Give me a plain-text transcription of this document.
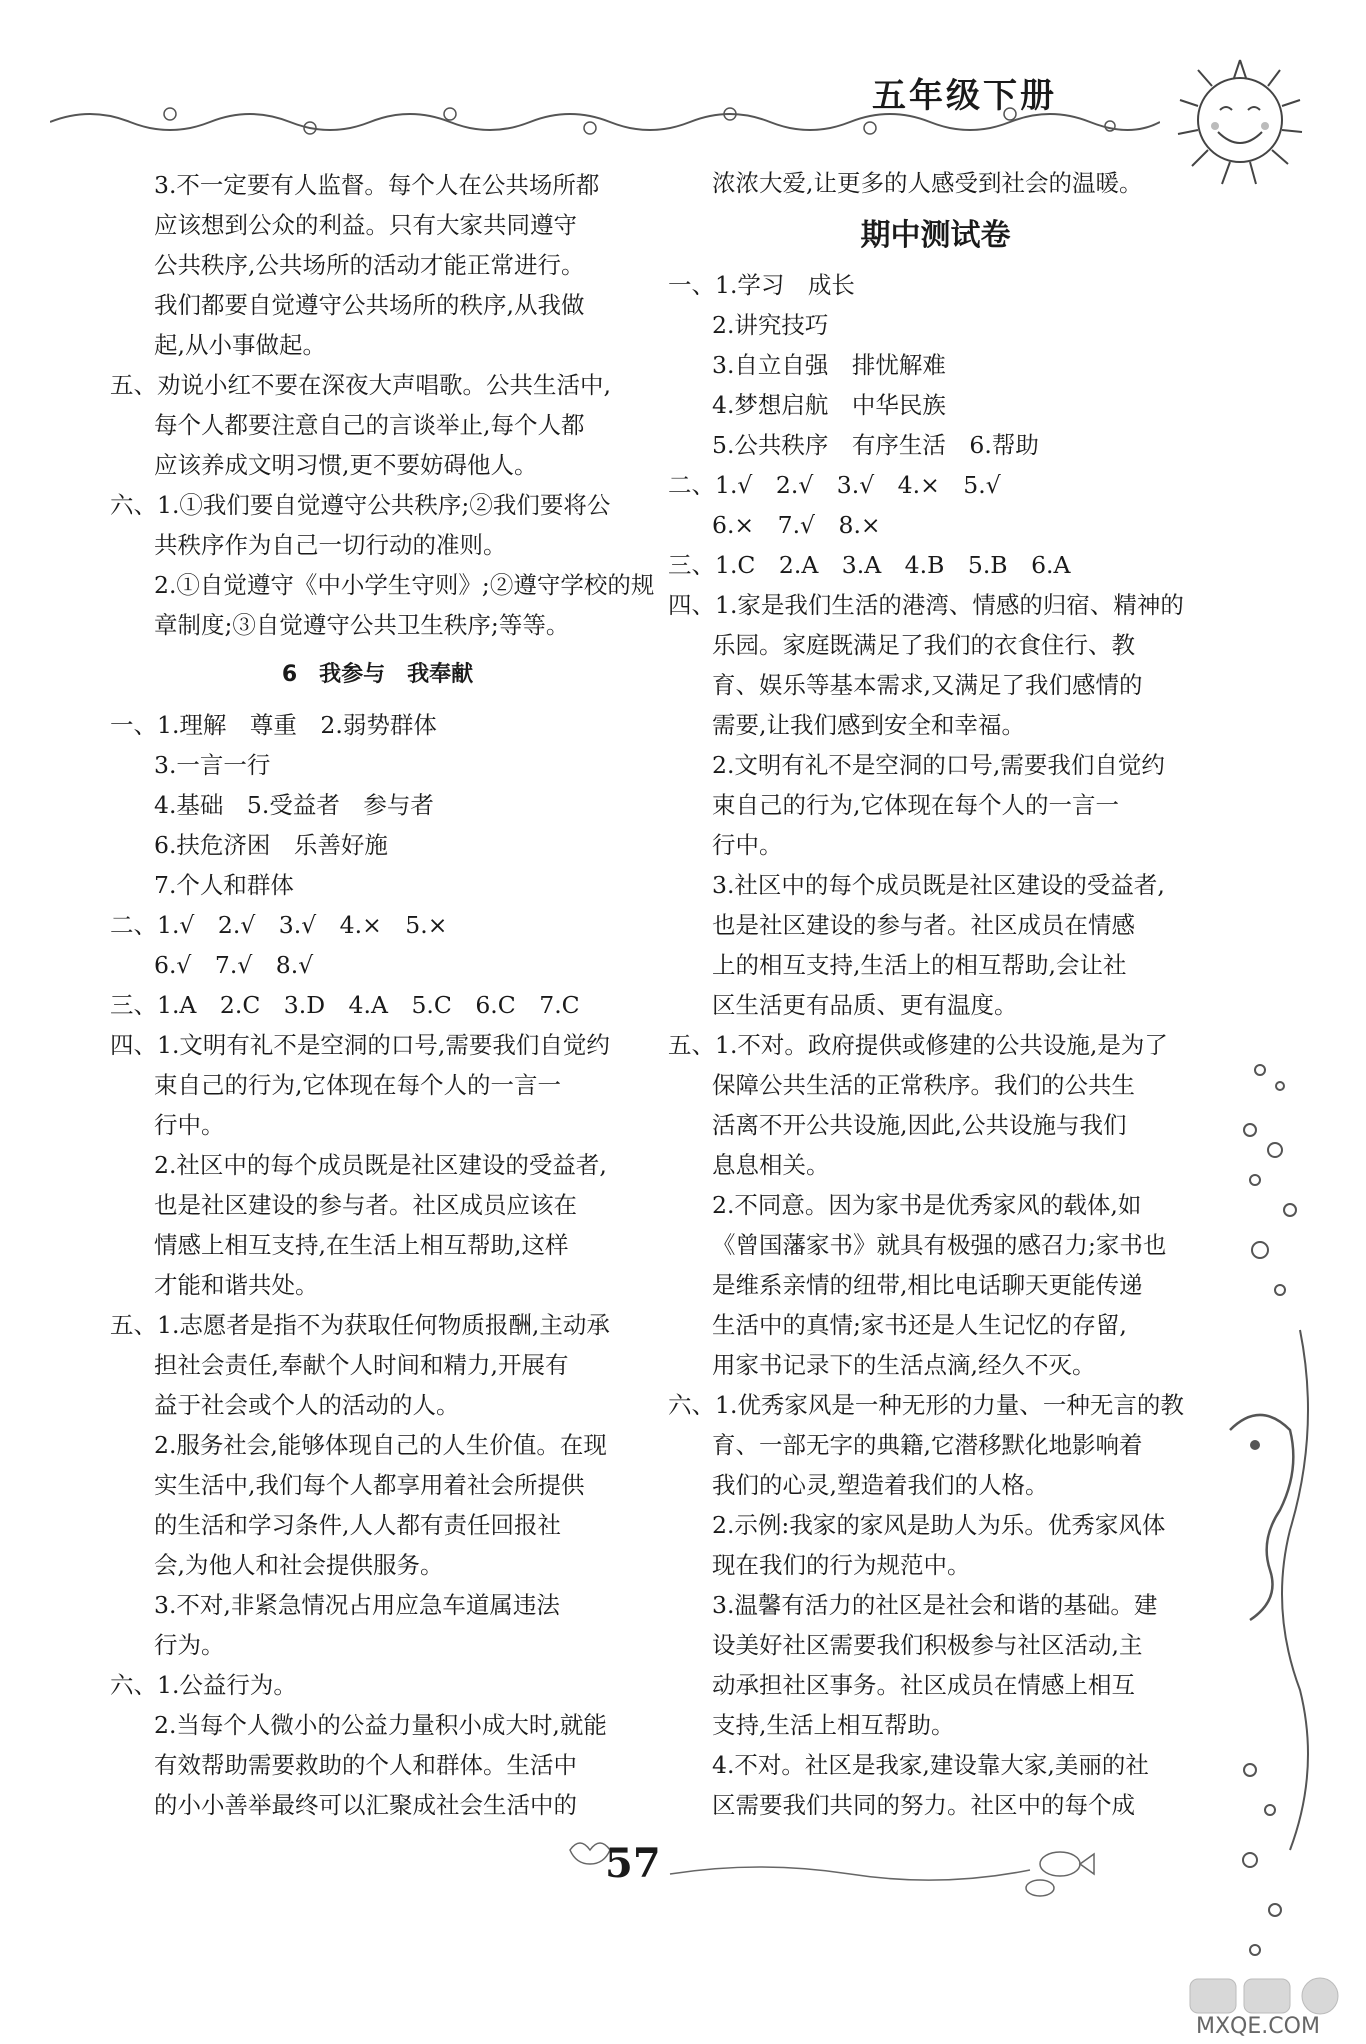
五年级下册
3.不一定要有人监督。每个人在公共场所都
应该想到公众的利益。只有大家共同遵守
公共秩序,公共场所的活动才能正常进行。
我们都要自觉遵守公共场所的秩序,从我做
起,从小事做起。
五、劝说小红不要在深夜大声唱歌。公共生活中,
每个人都要注意自己的言谈举止,每个人都
应该养成文明习惯,更不要妨碍他人。
六、1.①我们要自觉遵守公共秩序;②我们要将公
共秩序作为自己一切行动的准则。
2.①自觉遵守《中小学生守则》;②遵守学校的规
章制度;③自觉遵守公共卫生秩序;等等。
6　我参与　我奉献
一、1.理解　尊重　2.弱势群体
3.一言一行
4.基础　5.受益者　参与者
6.扶危济困　乐善好施
7.个人和群体
二、1.√　2.√　3.√　4.×　5.×
6.√　7.√　8.√
三、1.A　2.C　3.D　4.A　5.C　6.C　7.C
四、1.文明有礼不是空洞的口号,需要我们自觉约
束自己的行为,它体现在每个人的一言一
行中。
2.社区中的每个成员既是社区建设的受益者,
也是社区建设的参与者。社区成员应该在
情感上相互支持,在生活上相互帮助,这样
才能和谐共处。
五、1.志愿者是指不为获取任何物质报酬,主动承
担社会责任,奉献个人时间和精力,开展有
益于社会或个人的活动的人。
2.服务社会,能够体现自己的人生价值。在现
实生活中,我们每个人都享用着社会所提供
的生活和学习条件,人人都有责任回报社
会,为他人和社会提供服务。
3.不对,非紧急情况占用应急车道属违法
行为。
六、1.公益行为。
2.当每个人微小的公益力量积小成大时,就能
有效帮助需要救助的个人和群体。生活中
的小小善举最终可以汇聚成社会生活中的
浓浓大爱,让更多的人感受到社会的温暖。
期中测试卷
一、1.学习　成长
2.讲究技巧
3.自立自强　排忧解难
4.梦想启航　中华民族
5.公共秩序　有序生活　6.帮助
二、1.√　2.√　3.√　4.×　5.√
6.×　7.√　8.×
三、1.C　2.A　3.A　4.B　5.B　6.A
四、1.家是我们生活的港湾、情感的归宿、精神的
乐园。家庭既满足了我们的衣食住行、教
育、娱乐等基本需求,又满足了我们感情的
需要,让我们感到安全和幸福。
2.文明有礼不是空洞的口号,需要我们自觉约
束自己的行为,它体现在每个人的一言一
行中。
3.社区中的每个成员既是社区建设的受益者,
也是社区建设的参与者。社区成员在情感
上的相互支持,生活上的相互帮助,会让社
区生活更有品质、更有温度。
五、1.不对。政府提供或修建的公共设施,是为了
保障公共生活的正常秩序。我们的公共生
活离不开公共设施,因此,公共设施与我们
息息相关。
2.不同意。因为家书是优秀家风的载体,如
《曾国藩家书》就具有极强的感召力;家书也
是维系亲情的纽带,相比电话聊天更能传递
生活中的真情;家书还是人生记忆的存留,
用家书记录下的生活点滴,经久不灭。
六、1.优秀家风是一种无形的力量、一种无言的教
育、一部无字的典籍,它潜移默化地影响着
我们的心灵,塑造着我们的人格。
2.示例:我家的家风是助人为乐。优秀家风体
现在我们的行为规范中。
3.温馨有活力的社区是社会和谐的基础。建
设美好社区需要我们积极参与社区活动,主
动承担社区事务。社区成员在情感上相互
支持,生活上相互帮助。
4.不对。社区是我家,建设靠大家,美丽的社
区需要我们共同的努力。社区中的每个成
57
MXQE.COM
